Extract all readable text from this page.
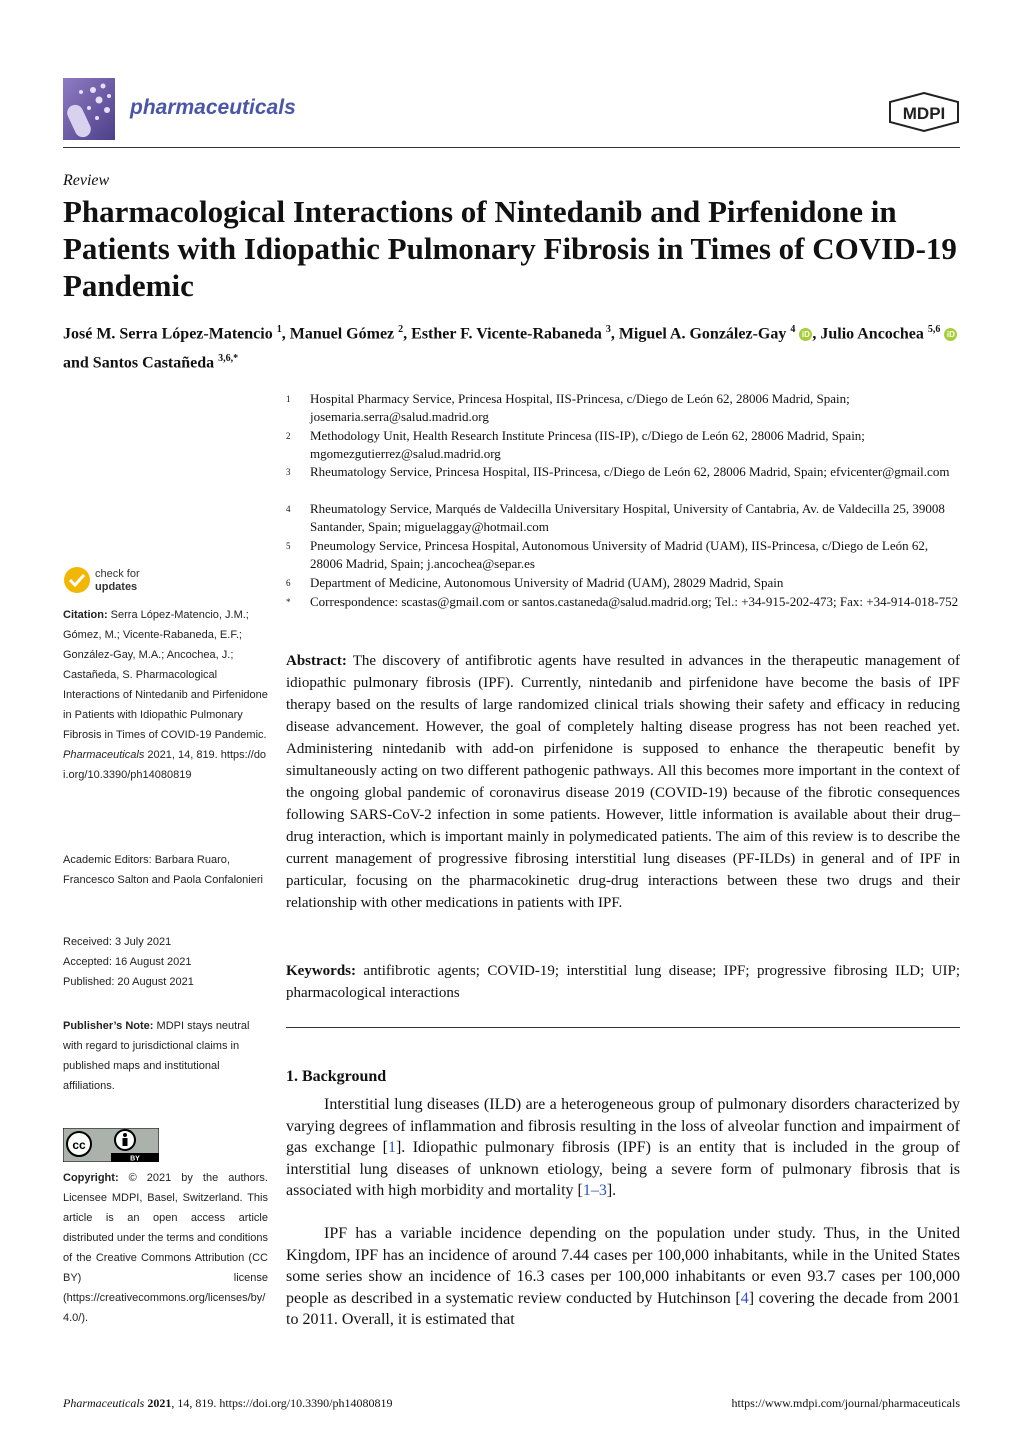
pharmaceuticals	MDPI
Review
Pharmacological Interactions of Nintedanib and Pirfenidone in Patients with Idiopathic Pulmonary Fibrosis in Times of COVID-19 Pandemic
José M. Serra López-Matencio $^1$, Manuel Gómez $^2$, Esther F. Vicente-Rabaneda $^3$, Miguel A. González-Gay $^4$ iD , Julio Ancochea $^{5,6}$ iD and Santos Castañeda $^{3,6,*}$
1 Hospital Pharmacy Service, Princesa Hospital, IIS-Princesa, c/Diego de León 62, 28006 Madrid, Spain; josemaria.serra@salud.madrid.org
2 Methodology Unit, Health Research Institute Princesa (IIS-IP), c/Diego de León 62, 28006 Madrid, Spain; mgomezgutierrez@salud.madrid.org
3 Rheumatology Service, Princesa Hospital, IIS-Princesa, c/Diego de León 62, 28006 Madrid, Spain; efvicenter@gmail.com
4 Rheumatology Service, Marqués de Valdecilla Universitary Hospital, University of Cantabria, Av. de Valdecilla 25, 39008 Santander, Spain; miguelaggay@hotmail.com
5 Pneumology Service, Princesa Hospital, Autonomous University of Madrid (UAM), IIS-Princesa, c/Diego de León 62, 28006 Madrid, Spain; j.ancochea@separ.es
6 Department of Medicine, Autonomous University of Madrid (UAM), 28029 Madrid, Spain
* Correspondence: scastas@gmail.com or santos.castaneda@salud.madrid.org; Tel.: +34-915-202-473; Fax: +34-914-018-752
check for
updates
Citation: Serra López-Matencio, J.M.; Gómez, M.; Vicente-Rabaneda, E.F.; González-Gay, M.A.; Ancochea, J.; Castañeda, S. Pharmacological Interactions of Nintedanib and Pirfenidone in Patients with Idiopathic Pulmonary Fibrosis in Times of COVID-19 Pandemic. Pharmaceuticals 2021, 14, 819. https://doi.org/10.3390/ph14080819
Academic Editors: Barbara Ruaro, Francesco Salton and Paola Confalonieri
Received: 3 July 2021
Accepted: 16 August 2021
Published: 20 August 2021
Publisher’s Note: MDPI stays neutral with regard to jurisdictional claims in published maps and institutional affiliations.
cc
BY
Copyright: © 2021 by the authors. Licensee MDPI, Basel, Switzerland. This article is an open access article distributed under the terms and conditions of the Creative Commons Attribution (CC BY) license (https://creativecommons.org/licenses/by/4.0/).
Abstract: The discovery of antifibrotic agents have resulted in advances in the therapeutic management of idiopathic pulmonary fibrosis (IPF). Currently, nintedanib and pirfenidone have become the basis of IPF therapy based on the results of large randomized clinical trials showing their safety and efficacy in reducing disease advancement. However, the goal of completely halting disease progress has not been reached yet. Administering nintedanib with add-on pirfenidone is supposed to enhance the therapeutic benefit by simultaneously acting on two different pathogenic pathways. All this becomes more important in the context of the ongoing global pandemic of coronavirus disease 2019 (COVID-19) because of the fibrotic consequences following SARS-CoV-2 infection in some patients. However, little information is available about their drug–drug interaction, which is important mainly in polymedicated patients. The aim of this review is to describe the current management of progressive fibrosing interstitial lung diseases (PF-ILDs) in general and of IPF in particular, focusing on the pharmacokinetic drug-drug interactions between these two drugs and their relationship with other medications in patients with IPF.
Keywords: antifibrotic agents; COVID-19; interstitial lung disease; IPF; progressive fibrosing ILD; UIP; pharmacological interactions
1. Background
Interstitial lung diseases (ILD) are a heterogeneous group of pulmonary disorders characterized by varying degrees of inflammation and fibrosis resulting in the loss of alveolar function and impairment of gas exchange [1]. Idiopathic pulmonary fibrosis (IPF) is an entity that is included in the group of interstitial lung diseases of unknown etiology, being a severe form of pulmonary fibrosis that is associated with high morbidity and mortality [1–3].
IPF has a variable incidence depending on the population under study. Thus, in the United Kingdom, IPF has an incidence of around 7.44 cases per 100,000 inhabitants, while in the United States some series show an incidence of 16.3 cases per 100,000 inhabitants or even 93.7 cases per 100,000 people as described in a systematic review conducted by Hutchinson [4] covering the decade from 2001 to 2011. Overall, it is estimated that
Pharmaceuticals 2021, 14, 819. https://doi.org/10.3390/ph14080819	https://www.mdpi.com/journal/pharmaceuticals
